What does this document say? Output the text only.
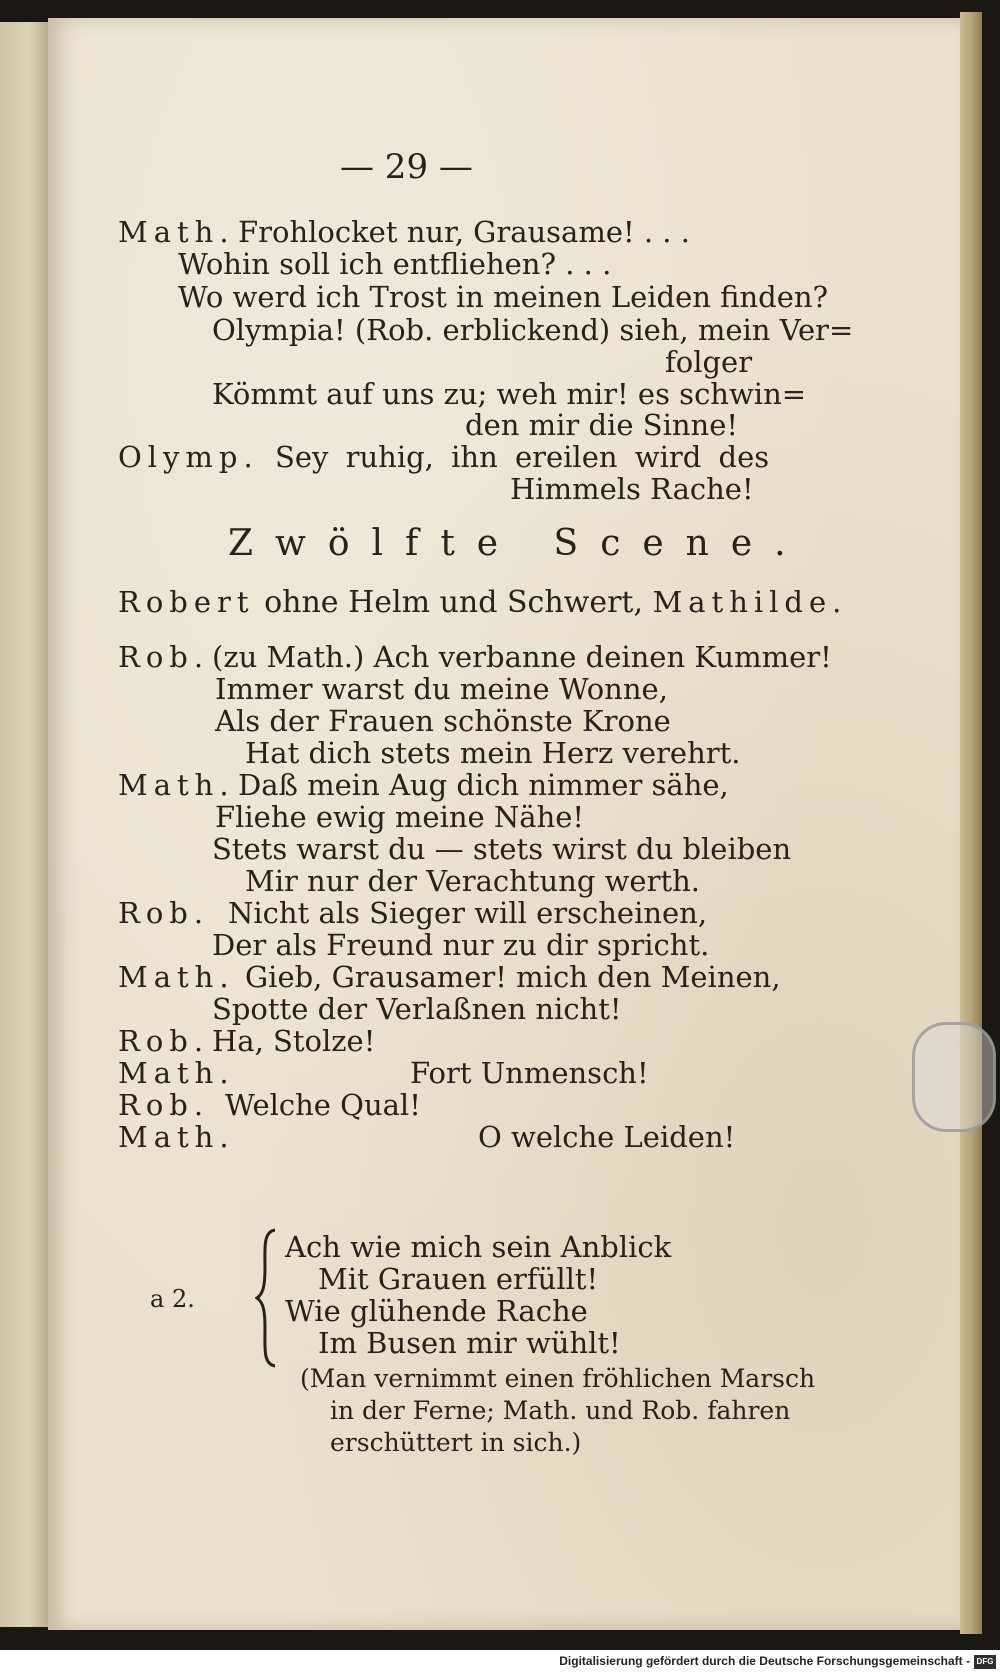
— 29 —
Math. Frohlocket nur, Grausame! . . .
Wohin soll ich entfliehen? . . .
Wo werd ich Trost in meinen Leiden finden?
Olympia! (Rob. erblickend) sieh, mein Ver=
folger
Kömmt auf uns zu; weh mir! es schwin=
den mir die Sinne!
Olymp. Sey ruhig, ihn ereilen wird des
Himmels Rache!
Zwölfte Scene.
Robert ohne Helm und Schwert, Mathilde.
Rob. (zu Math.) Ach verbanne deinen Kummer!
Immer warst du meine Wonne,
Als der Frauen schönste Krone
Hat dich stets mein Herz verehrt.
Math. Daß mein Aug dich nimmer sähe,
Fliehe ewig meine Nähe!
Stets warst du — stets wirst du bleiben
Mir nur der Verachtung werth.
Rob. Nicht als Sieger will erscheinen,
Der als Freund nur zu dir spricht.
Math. Gieb, Grausamer! mich den Meinen,
Spotte der Verlaßnen nicht!
Rob. Ha, Stolze!
Math.	Fort Unmensch!
Rob. Welche Qual!
Math.	O welche Leiden!
a 2.
Ach wie mich sein Anblick
Mit Grauen erfüllt!
Wie glühende Rache
Im Busen mir wühlt!
(Man vernimmt einen fröhlichen Marsch
in der Ferne; Math. und Rob. fahren
erschüttert in sich.)
Digitalisierung gefördert durch die Deutsche Forschungsgemeinschaft - DFG
